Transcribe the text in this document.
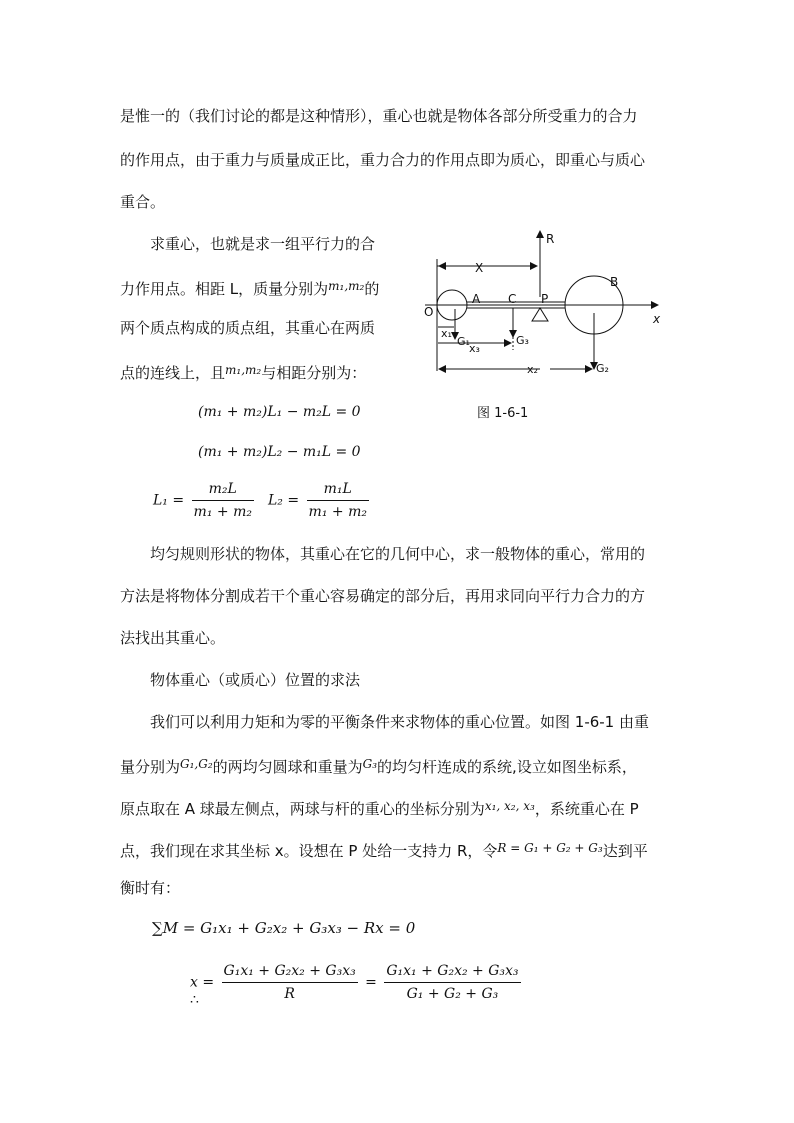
是惟一的（我们讨论的都是这种情形），重心也就是物体各部分所受重力的合力
的作用点，由于重力与质量成正比，重力合力的作用点即为质心，即重心与质心
重合。
求重心，也就是求一组平行力的合
力作用点。相距 L，质量分别为$^{m_1,m_2}$的
两个质点构成的质点组，其重心在两质
点的连线上，且$^{m_1,m_2}$与相距分别为：
(m₁ + m₂)L₁ − m₂L = 0
(m₁ + m₂)L₂ − m₁L = 0
$L_1 = \frac{\text{m₂L}}{\text{m₁ + m₂}} L_2 = \frac{\text{m₁L}}{\text{m₁ + m₂}}$
R
X
B
O
A C P
x
x₁
G₁
x₃
G₃
x₂	G₂
图 1-6-1
均匀规则形状的物体，其重心在它的几何中心，求一般物体的重心，常用的
方法是将物体分割成若干个重心容易确定的部分后，再用求同向平行力合力的方
法找出其重心。
物体重心（或质心）位置的求法
我们可以利用力矩和为零的平衡条件来求物体的重心位置。如图 1-6-1 由重
量分别为$^{G_1,G_2}$的两均匀圆球和重量为$^{G_3}$的均匀杆连成的系统,设立如图坐标系，
原点取在 A 球最左侧点，两球与杆的重心的坐标分别为$^{x_1, x_2, x_3}$，系统重心在 P
点，我们现在求其坐标 x。设想在 P 处给一支持力 R，令$^{R = G_1 + G_2 + G_3}$达到平
衡时有：
∑M = G₁x₁ + G₂x₂ + G₃x₃ − Rx = 0
$x = \frac{\text{G₁x₁ + G₂x₂ + G₃x₃}}{R} = \frac{\text{G₁x₁ + G₂x₂ + G₃x₃}}{\text{G₁ + G₂ + G₃}}$
∴
